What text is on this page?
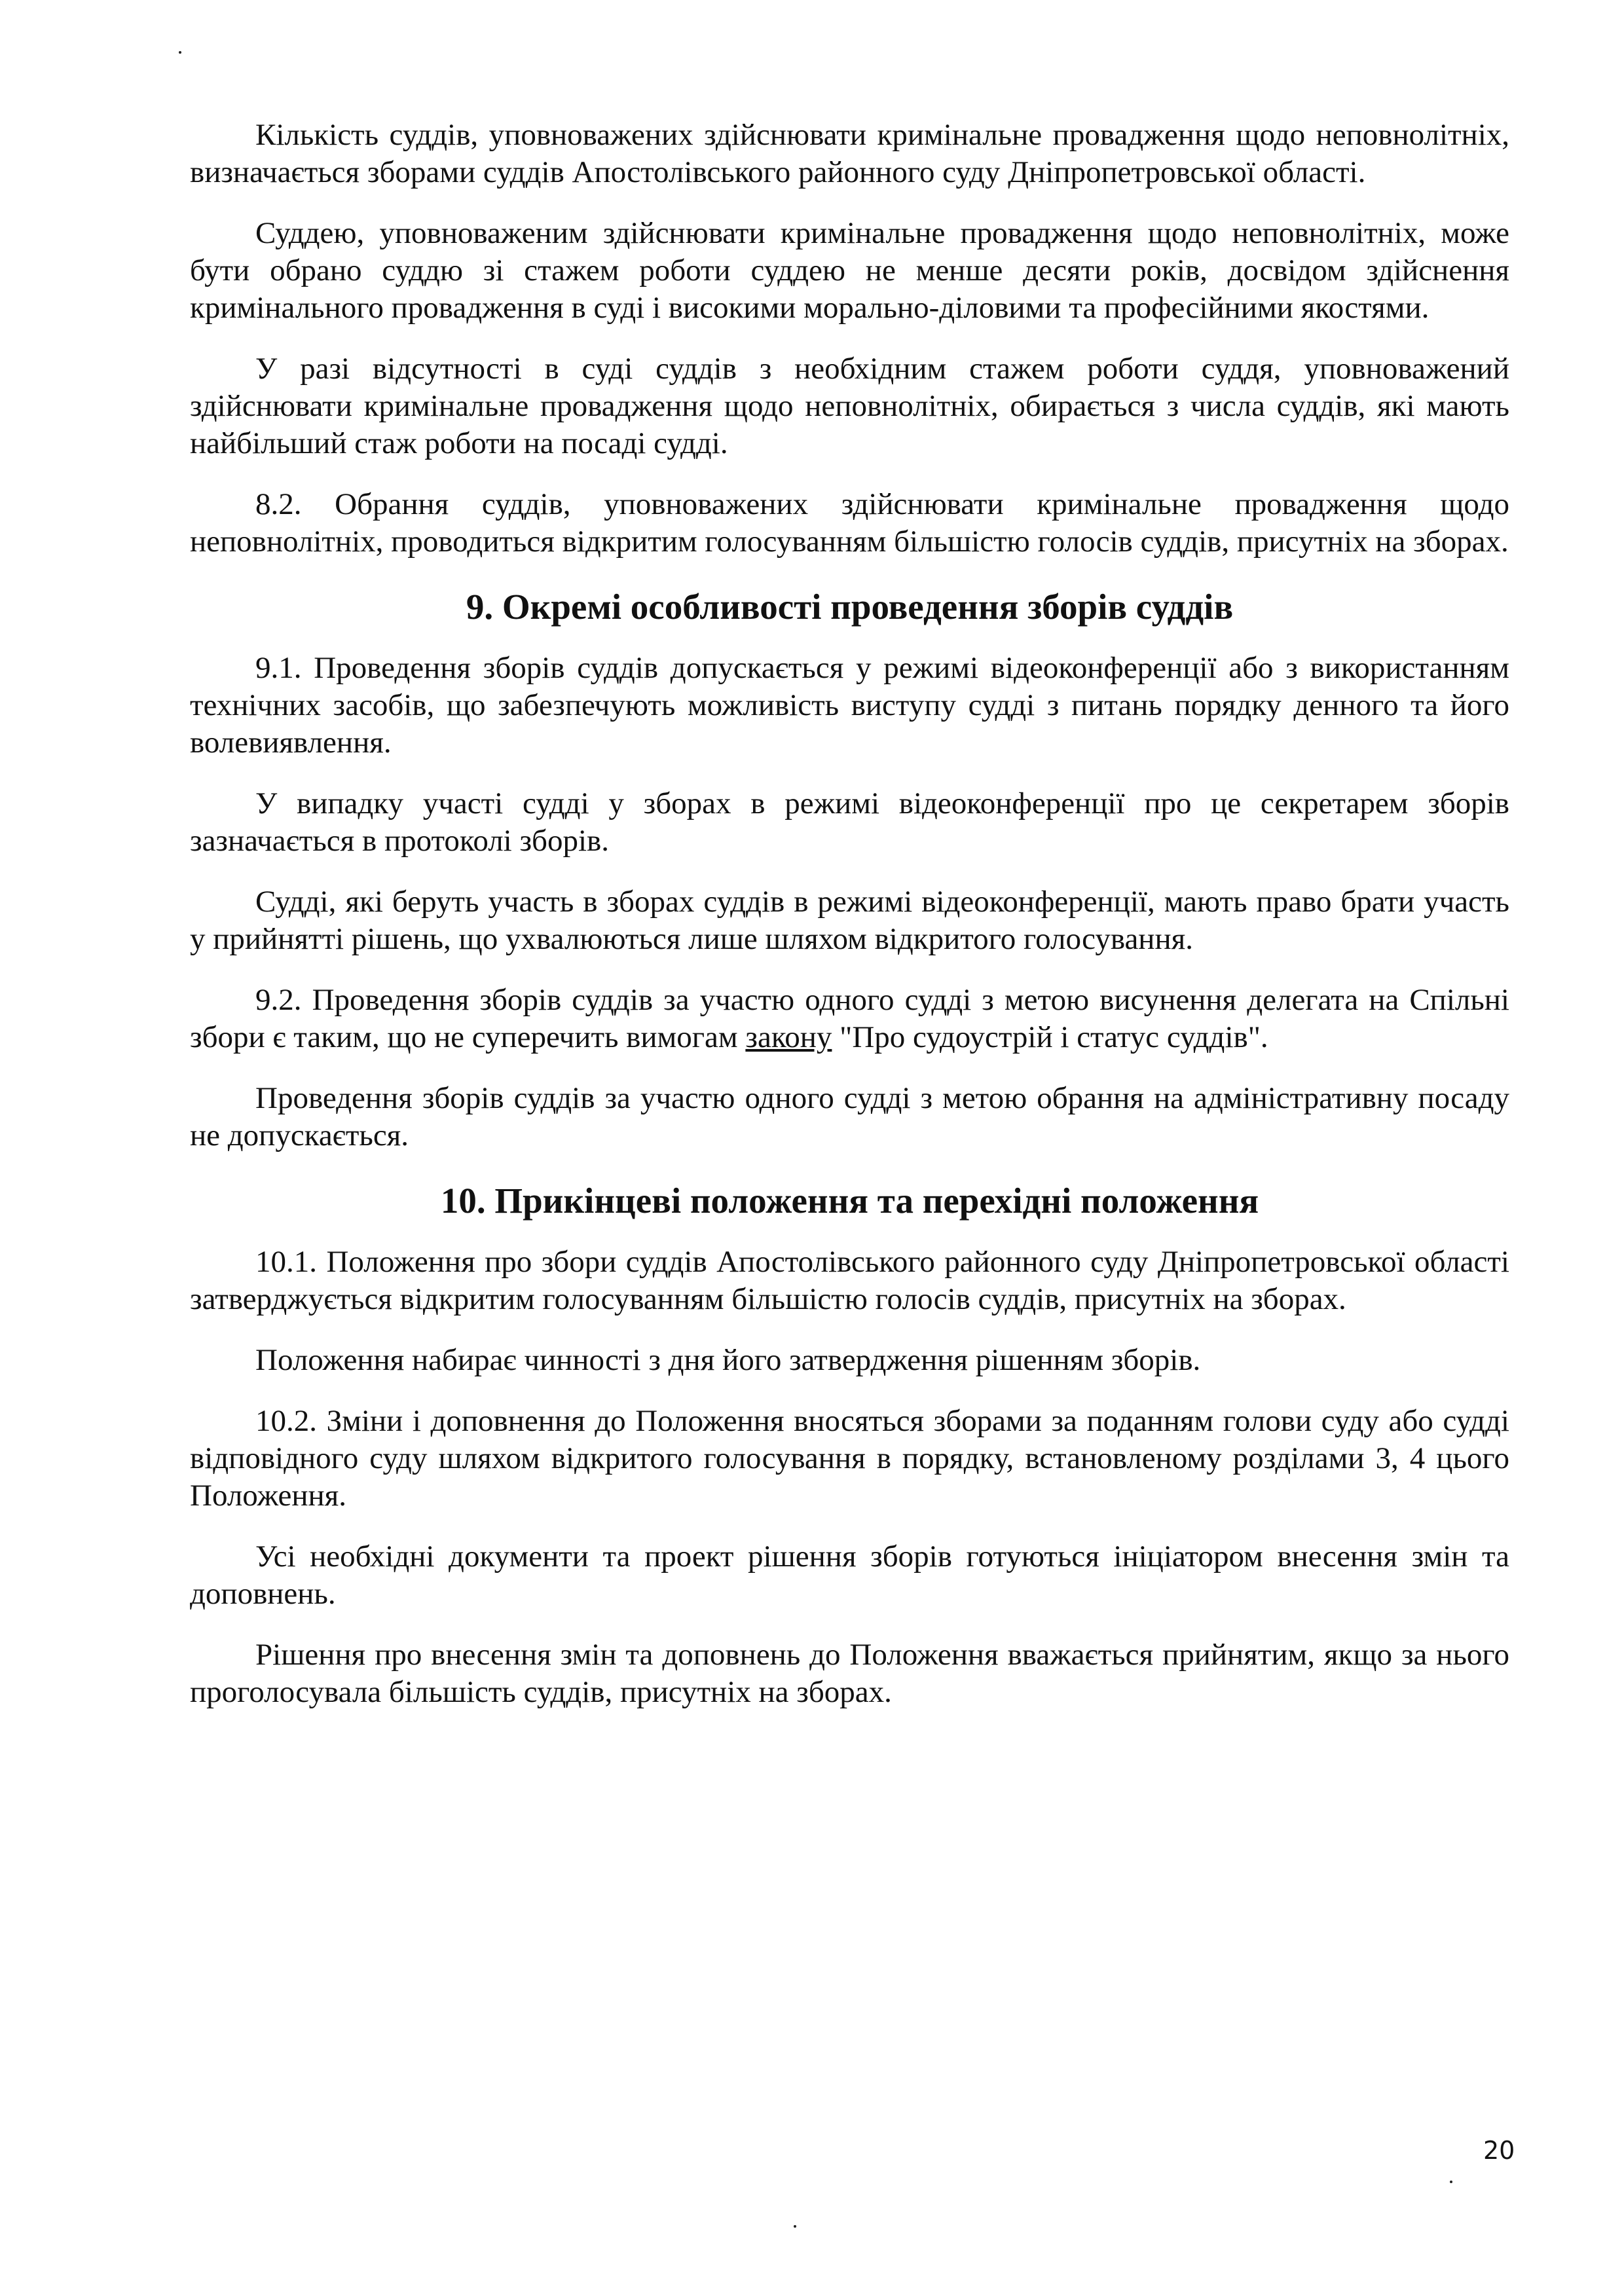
Кількість суддів, уповноважених здійснювати кримінальне провадження щодо неповнолітніх, визначається зборами суддів Апостолівського районного суду Дніпропетровської області.

Суддею, уповноваженим здійснювати кримінальне провадження щодо неповнолітніх, може бути обрано суддю зі стажем роботи суддею не менше десяти років, досвідом здійснення кримінального провадження в суді і високими морально-діловими та професійними якостями.

У разі відсутності в суді суддів з необхідним стажем роботи суддя, уповноважений здійснювати кримінальне провадження щодо неповнолітніх, обирається з числа суддів, які мають найбільший стаж роботи на посаді судді.

8.2. Обрання суддів, уповноважених здійснювати кримінальне провадження щодо неповнолітніх, проводиться відкритим голосуванням більшістю голосів суддів, присутніх на зборах.

9. Окремі особливості проведення зборів суддів

9.1. Проведення зборів суддів допускається у режимі відеоконференції або з використанням технічних засобів, що забезпечують можливість виступу судді з питань порядку денного та його волевиявлення.

У випадку участі судді у зборах в режимі відеоконференції про це секретарем зборів зазначається в протоколі зборів.

Судді, які беруть участь в зборах суддів в режимі відеоконференції, мають право брати участь у прийнятті рішень, що ухвалюються лише шляхом відкритого голосування.

9.2. Проведення зборів суддів за участю одного судді з метою висунення делегата на Спільні збори є таким, що не суперечить вимогам закону "Про судоустрій і статус суддів".

Проведення зборів суддів за участю одного судді з метою обрання на адміністративну посаду не допускається.

10. Прикінцеві положення та перехідні положення

10.1. Положення про збори суддів Апостолівського районного суду Дніпропетровської області затверджується відкритим голосуванням більшістю голосів суддів, присутніх на зборах.

Положення набирає чинності з дня його затвердження рішенням зборів.

10.2. Зміни і доповнення до Положення вносяться зборами за поданням голови суду або судді відповідного суду шляхом відкритого голосування в порядку, встановленому розділами 3, 4 цього Положення.

Усі необхідні документи та проект рішення зборів готуються ініціатором внесення змін та доповнень.

Рішення про внесення змін та доповнень до Положення вважається прийнятим, якщо за нього проголосувала більшість суддів, присутніх на зборах.

20
